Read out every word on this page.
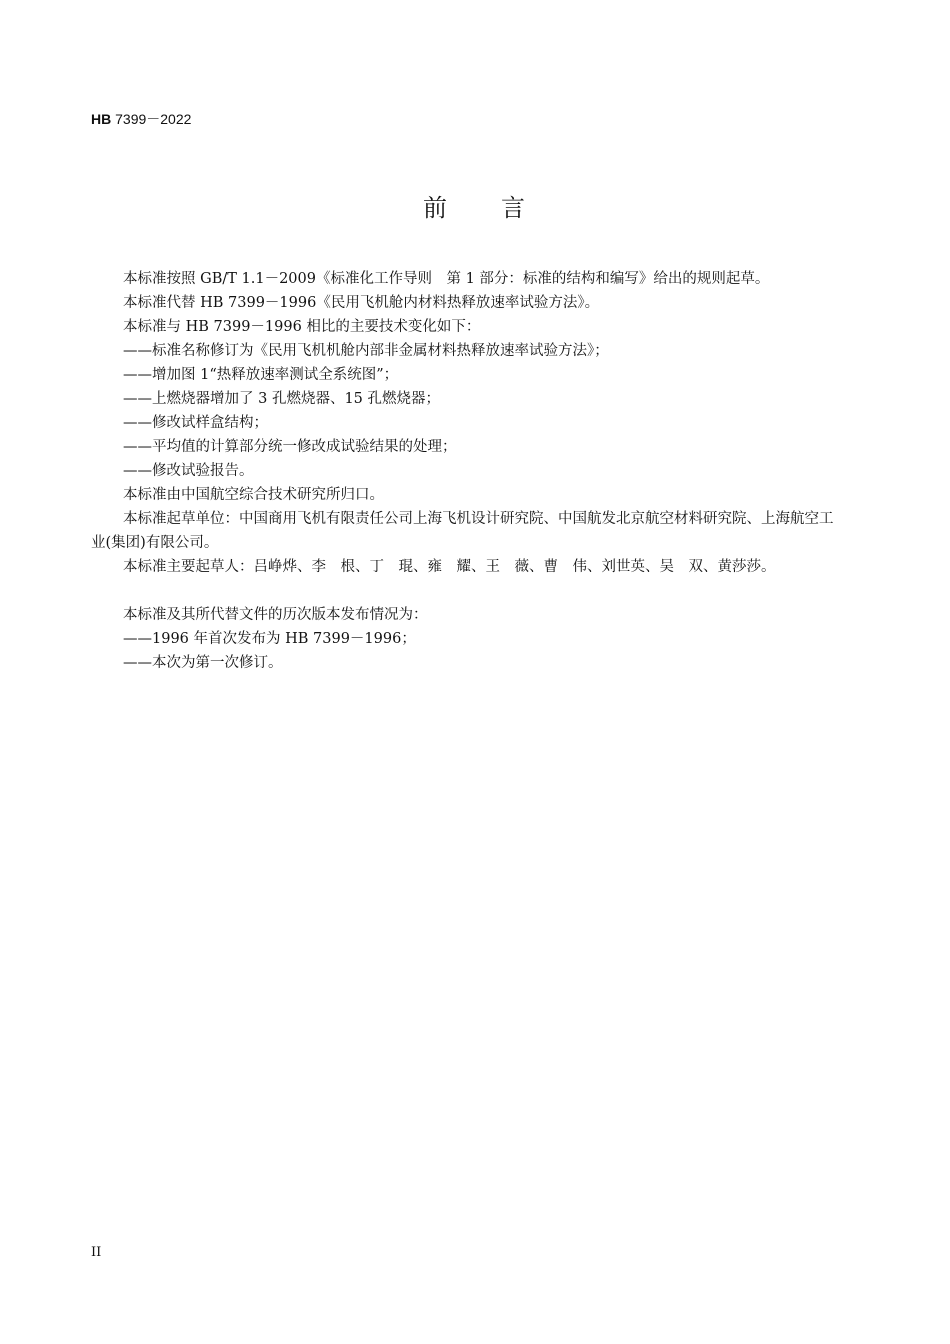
HB 7399－2022
前　　言

本标准按照 GB/T 1.1－2009《标准化工作导则　第 1 部分：标准的结构和编写》给出的规则起草。

本标准代替 HB 7399－1996《民用飞机舱内材料热释放速率试验方法》。

本标准与 HB 7399－1996 相比的主要技术变化如下：

——标准名称修订为《民用飞机机舱内部非金属材料热释放速率试验方法》；

——增加图 1“热释放速率测试全系统图”；

——上燃烧器增加了 3 孔燃烧器、15 孔燃烧器；

——修改试样盒结构；

——平均值的计算部分统一修改成试验结果的处理；

——修改试验报告。

本标准由中国航空综合技术研究所归口。

本标准起草单位：中国商用飞机有限责任公司上海飞机设计研究院、中国航发北京航空材料研究院、上海航空工业(集团)有限公司。

本标准主要起草人：吕峥烨、李　根、丁　琨、雍　耀、王　薇、曹　伟、刘世英、吴　双、黄莎莎。

本标准及其所代替文件的历次版本发布情况为：

——1996 年首次发布为 HB 7399－1996；

——本次为第一次修订。

II
